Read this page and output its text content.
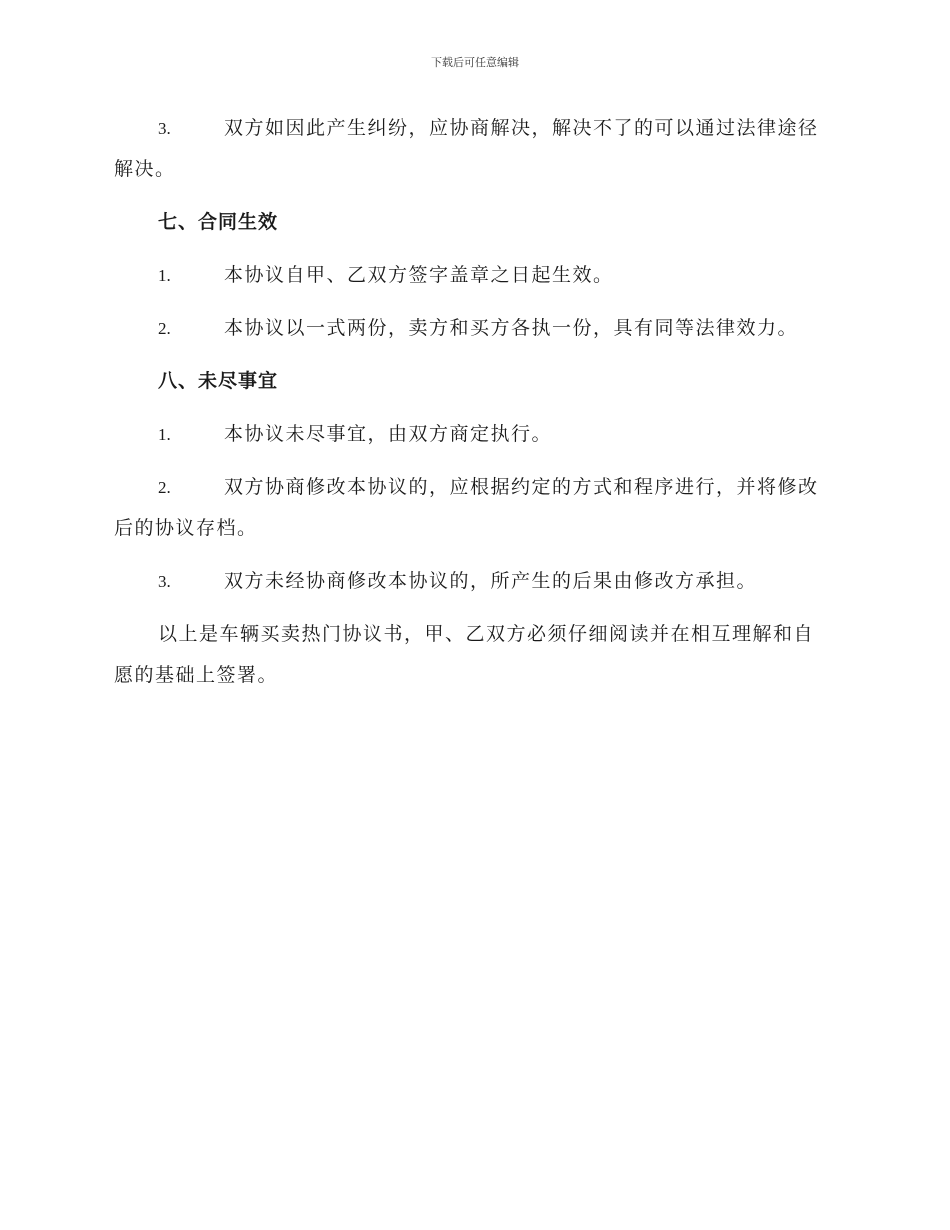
下载后可任意编辑

3.	双方如因此产生纠纷，应协商解决，解决不了的可以通过法律途径解决。

七、合同生效

1.	本协议自甲、乙双方签字盖章之日起生效。

2.	本协议以一式两份，卖方和买方各执一份，具有同等法律效力。

八、未尽事宜

1.	本协议未尽事宜，由双方商定执行。

2.	双方协商修改本协议的，应根据约定的方式和程序进行，并将修改后的协议存档。

3.	双方未经协商修改本协议的，所产生的后果由修改方承担。

以上是车辆买卖热门协议书，甲、乙双方必须仔细阅读并在相互理解和自愿的基础上签署。
